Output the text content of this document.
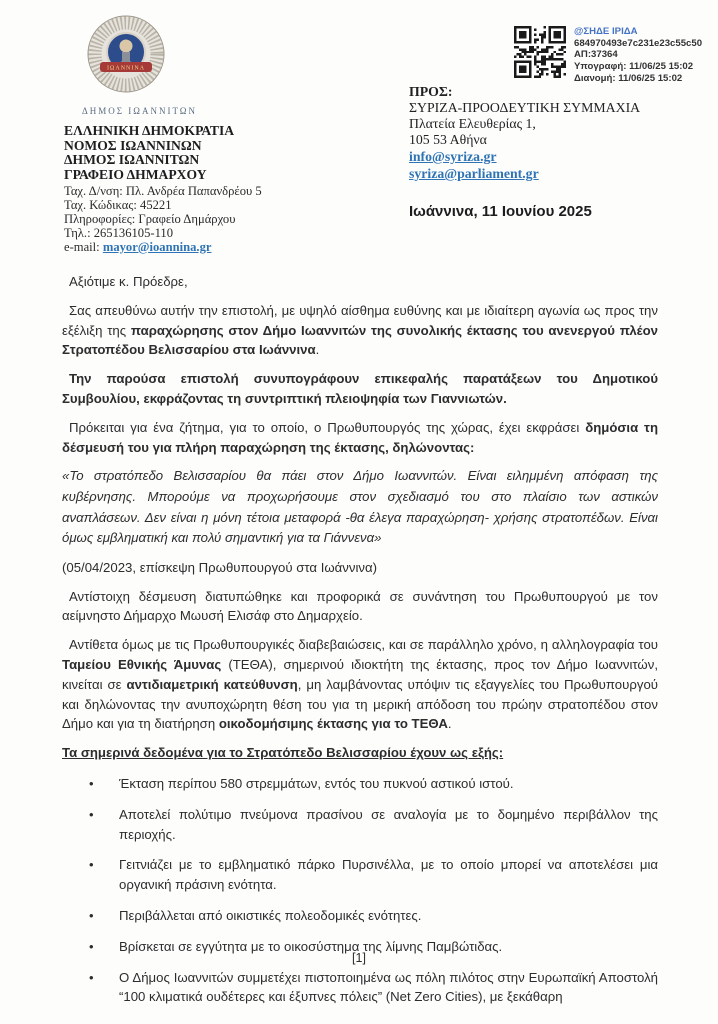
ΙΩΑΝΝΙΝΑ
ΔΗΜΟΣ ΙΩΑΝΝΙΤΩΝ
ΕΛΛΗΝΙΚΗ ΔΗΜΟΚΡΑΤΙΑ
ΝΟΜΟΣ ΙΩΑΝΝΙΝΩΝ
ΔΗΜΟΣ ΙΩΑΝΝΙΤΩΝ
ΓΡΑΦΕΙΟ ΔΗΜΑΡΧΟΥ
Ταχ. Δ/νση: Πλ. Ανδρέα Παπανδρέου 5
Ταχ. Κώδικας: 45221
Πληροφορίες: Γραφείο Δημάρχου
Τηλ.: 265136105-110
e-mail: mayor@ioannina.gr
@ΣΗΔΕ ΙΡΙΔΑ
684970493e7c231e23c55c50
ΑΠ:37364
Υπογραφή: 11/06/25 15:02
Διανομή: 11/06/25 15:02
ΠΡΟΣ:
ΣΥΡΙΖΑ-ΠΡΟΟΔΕΥΤΙΚΗ ΣΥΜΜΑΧΙΑ
Πλατεία Ελευθερίας 1,
105 53 Αθήνα
info@syriza.gr
syriza@parliament.gr
Ιωάννινα, 11 Ιουνίου 2025

Αξιότιμε κ. Πρόεδρε,

Σας απευθύνω αυτήν την επιστολή, με υψηλό αίσθημα ευθύνης και με ιδιαίτερη αγωνία ως προς την εξέλιξη της παραχώρησης στον Δήμο Ιωαννιτών της συνολικής έκτασης του ανενεργού πλέον Στρατοπέδου Βελισσαρίου στα Ιωάννινα.

Την παρούσα επιστολή συνυπογράφουν επικεφαλής παρατάξεων του Δημοτικού Συμβουλίου, εκφράζοντας τη συντριπτική πλειοψηφία των Γιαννιωτών.

Πρόκειται για ένα ζήτημα, για το οποίο, ο Πρωθυπουργός της χώρας, έχει εκφράσει δημόσια τη δέσμευσή του για πλήρη παραχώρηση της έκτασης, δηλώνοντας:

«Το στρατόπεδο Βελισσαρίου θα πάει στον Δήμο Ιωαννιτών. Είναι ειλημμένη απόφαση της κυβέρνησης. Μπορούμε να προχωρήσουμε στον σχεδιασμό του στο πλαίσιο των αστικών αναπλάσεων. Δεν είναι η μόνη τέτοια μεταφορά -θα έλεγα παραχώρηση- χρήσης στρατοπέδων. Είναι όμως εμβληματική και πολύ σημαντική για τα Γιάννενα»

(05/04/2023, επίσκεψη Πρωθυπουργού στα Ιωάννινα)

Αντίστοιχη δέσμευση διατυπώθηκε και προφορικά σε συνάντηση του Πρωθυπουργού με τον αείμνηστο Δήμαρχο Μωυσή Ελισάφ στο Δημαρχείο.

Αντίθετα όμως με τις Πρωθυπουργικές διαβεβαιώσεις, και σε παράλληλο χρόνο, η αλληλογραφία του Ταμείου Εθνικής Άμυνας (ΤΕΘΑ), σημερινού ιδιοκτήτη της έκτασης, προς τον Δήμο Ιωαννιτών, κινείται σε αντιδιαμετρική κατεύθυνση, μη λαμβάνοντας υπόψιν τις εξαγγελίες του Πρωθυπουργού και δηλώνοντας την ανυποχώρητη θέση του για τη μερική απόδοση του πρώην στρατοπέδου στον Δήμο και για τη διατήρηση οικοδομήσιμης έκτασης για το ΤΕΘΑ.

Τα σημερινά δεδομένα για το Στρατόπεδο Βελισσαρίου έχουν ως εξής:

•	Έκταση περίπου 580 στρεμμάτων, εντός του πυκνού αστικού ιστού.
•	Αποτελεί πολύτιμο πνεύμονα πρασίνου σε αναλογία με το δομημένο περιβάλλον της περιοχής.
•	Γειτνιάζει με το εμβληματικό πάρκο Πυρσινέλλα, με το οποίο μπορεί να αποτελέσει μια οργανική πράσινη ενότητα.
•	Περιβάλλεται από οικιστικές πολεοδομικές ενότητες.
•	Βρίσκεται σε εγγύτητα με το οικοσύστημα της λίμνης Παμβώτιδας.
•	Ο Δήμος Ιωαννιτών συμμετέχει πιστοποιημένα ως πόλη πιλότος στην Ευρωπαϊκή Αποστολή “100 κλιματικά ουδέτερες και έξυπνες πόλεις” (Net Zero Cities), με ξεκάθαρη
[1]
